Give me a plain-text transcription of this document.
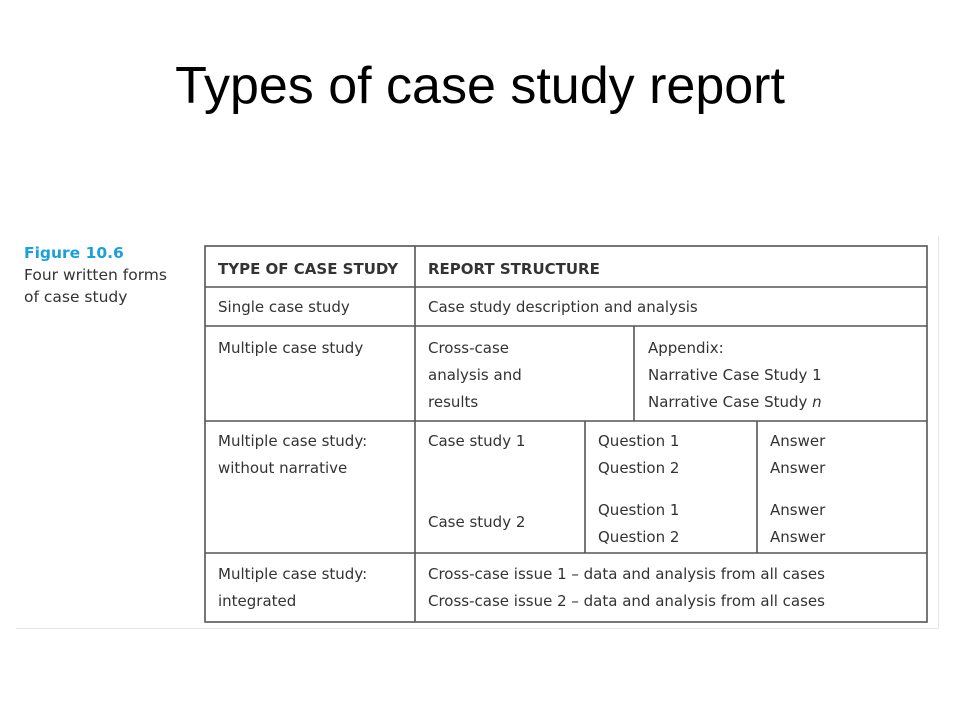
Types of case study report
Figure 10.6
Four written forms
of case study
TYPE OF CASE STUDY REPORT STRUCTURE
Single case study	Case study description and analysis
Multiple case study	Cross-case
analysis and
results
Appendix:
Narrative Case Study 1
Narrative Case Study n
Multiple case study:
without narrative
Case study 1
Case study 2
Question 1
Question 2
Question 1
Question 2
Answer
Answer
Answer
Answer
Multiple case study:
integrated
Cross-case issue 1 – data and analysis from all cases
Cross-case issue 2 – data and analysis from all cases
